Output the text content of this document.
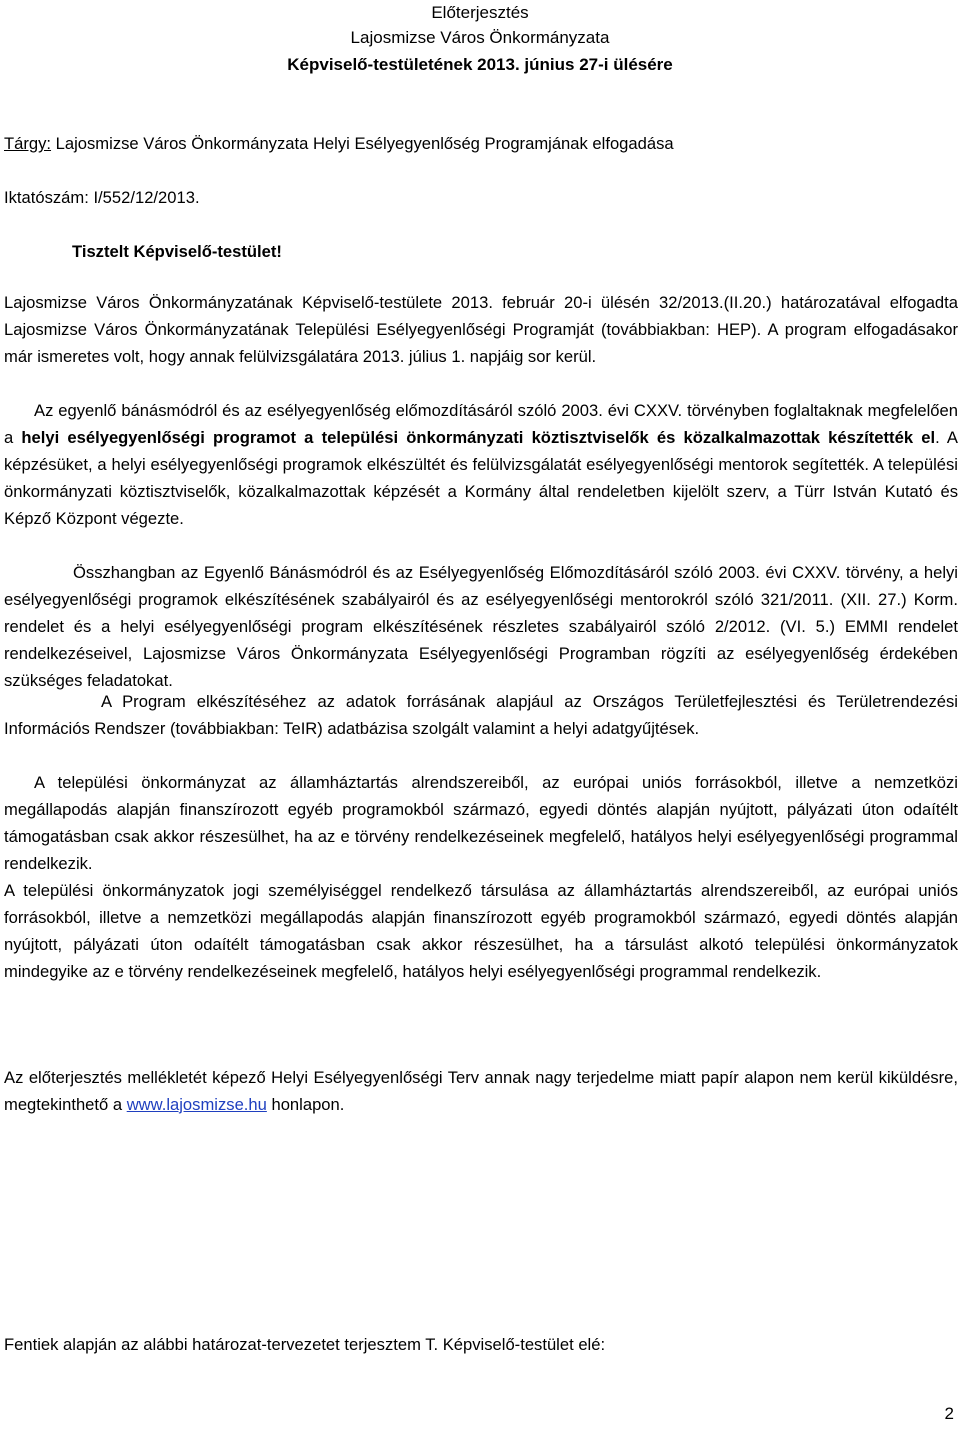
Előterjesztés
Lajosmizse Város Önkormányzata
Képviselő-testületének 2013. június 27-i ülésére
Tárgy: Lajosmizse Város Önkormányzata Helyi Esélyegyenlőség Programjának elfogadása
Iktatószám: I/552/12/2013.
Tisztelt Képviselő-testület!
Lajosmizse Város Önkormányzatának Képviselő-testülete 2013. február 20-i ülésén 32/2013.(II.20.) határozatával elfogadta Lajosmizse Város Önkormányzatának Települési Esélyegyenlőségi Programját (továbbiakban: HEP). A program elfogadásakor már ismeretes volt, hogy annak felülvizsgálatára 2013. július 1. napjáig sor kerül.
Az egyenlő bánásmódról és az esélyegyenlőség előmozdításáról szóló 2003. évi CXXV. törvényben foglaltaknak megfelelően a helyi esélyegyenlőségi programot a települési önkormányzati köztisztviselők és közalkalmazottak készítették el. A képzésüket, a helyi esélyegyenlőségi programok elkészültét és felülvizsgálatát esélyegyenlőségi mentorok segítették. A települési önkormányzati köztisztviselők, közalkalmazottak képzését a Kormány által rendeletben kijelölt szerv, a Türr István Kutató és Képző Központ végezte.
Összhangban az Egyenlő Bánásmódról és az Esélyegyenlőség Előmozdításáról szóló 2003. évi CXXV. törvény, a helyi esélyegyenlőségi programok elkészítésének szabályairól és az esélyegyenlőségi mentorokról szóló 321/2011. (XII. 27.) Korm. rendelet és a helyi esélyegyenlőségi program elkészítésének részletes szabályairól szóló 2/2012. (VI. 5.) EMMI rendelet rendelkezéseivel, Lajosmizse Város Önkormányzata Esélyegyenlőségi Programban rögzíti az esélyegyenlőség érdekében szükséges feladatokat.
A Program elkészítéséhez az adatok forrásának alapjául az Országos Területfejlesztési és Területrendezési Információs Rendszer (továbbiakban: TeIR) adatbázisa szolgált valamint a helyi adatgyűjtések.
A települési önkormányzat az államháztartás alrendszereiből, az európai uniós forrásokból, illetve a nemzetközi megállapodás alapján finanszírozott egyéb programokból származó, egyedi döntés alapján nyújtott, pályázati úton odaítélt támogatásban csak akkor részesülhet, ha az e törvény rendelkezéseinek megfelelő, hatályos helyi esélyegyenlőségi programmal rendelkezik.
A települési önkormányzatok jogi személyiséggel rendelkező társulása az államháztartás alrendszereiből, az európai uniós forrásokból, illetve a nemzetközi megállapodás alapján finanszírozott egyéb programokból származó, egyedi döntés alapján nyújtott, pályázati úton odaítélt támogatásban csak akkor részesülhet, ha a társulást alkotó települési önkormányzatok mindegyike az e törvény rendelkezéseinek megfelelő, hatályos helyi esélyegyenlőségi programmal rendelkezik.
Az előterjesztés mellékletét képező Helyi Esélyegyenlőségi Terv annak nagy terjedelme miatt papír alapon nem kerül kiküldésre, megtekinthető a www.lajosmizse.hu honlapon.
Fentiek alapján az alábbi határozat-tervezetet terjesztem T. Képviselő-testület elé:
2
